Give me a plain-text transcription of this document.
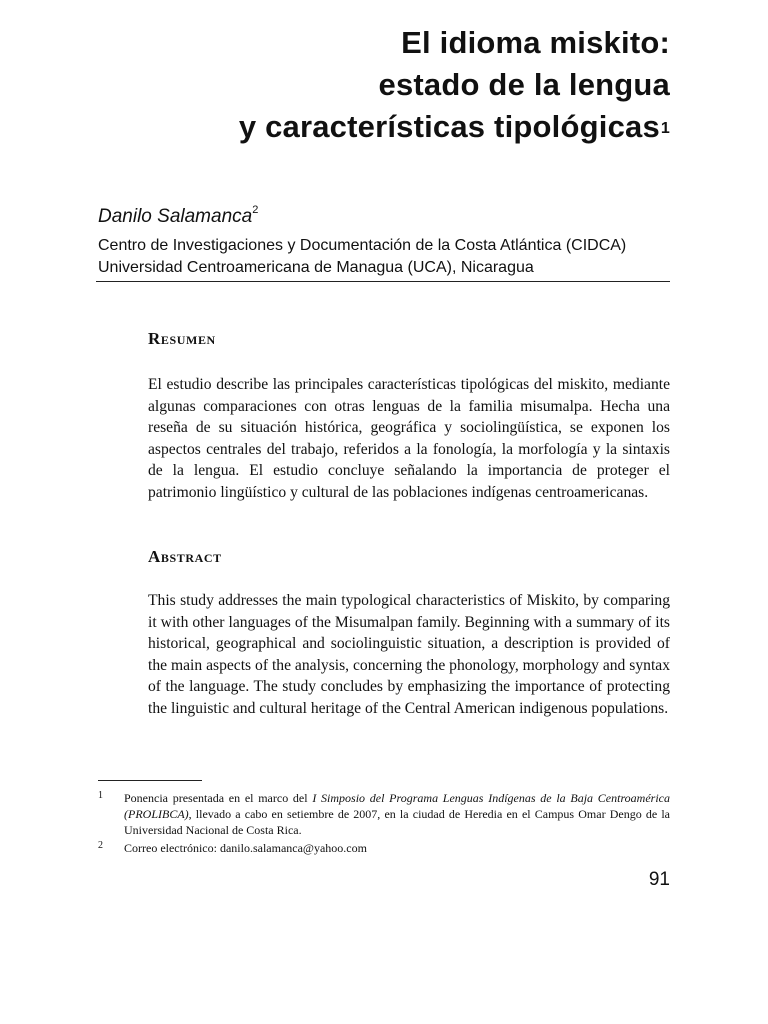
El idioma miskito:
estado de la lengua
y características tipológicas$^1$
Danilo Salamanca$^2$
Centro de Investigaciones y Documentación de la Costa Atlántica (CIDCA)
Universidad Centroamericana de Managua (UCA), Nicaragua
Resumen

El estudio describe las principales características tipológicas del miskito, mediante algunas comparaciones con otras lenguas de la familia misumalpa. Hecha una reseña de su situación histórica, geográfica y sociolingüística, se exponen los aspectos centrales del trabajo, referidos a la fonología, la morfología y la sintaxis de la lengua. El estudio concluye señalando la importancia de proteger el patrimonio lingüístico y cultural de las poblaciones indígenas centroamericanas.

Abstract

This study addresses the main typological characteristics of Miskito, by comparing it with other languages of the Misumalpan family. Beginning with a summary of its historical, geographical and sociolinguistic situation, a description is provided of the main aspects of the analysis, concerning the phonology, morphology and syntax of the language. The study concludes by emphasizing the importance of protecting the linguistic and cultural heritage of the Central American indigenous populations.

1 Ponencia presentada en el marco del I Simposio del Programa Lenguas Indígenas de la Baja Centroamérica (PROLIBCA), llevado a cabo en setiembre de 2007, en la ciudad de Heredia en el Campus Omar Dengo de la Universidad Nacional de Costa Rica.
2 Correo electrónico: danilo.salamanca@yahoo.com
91
